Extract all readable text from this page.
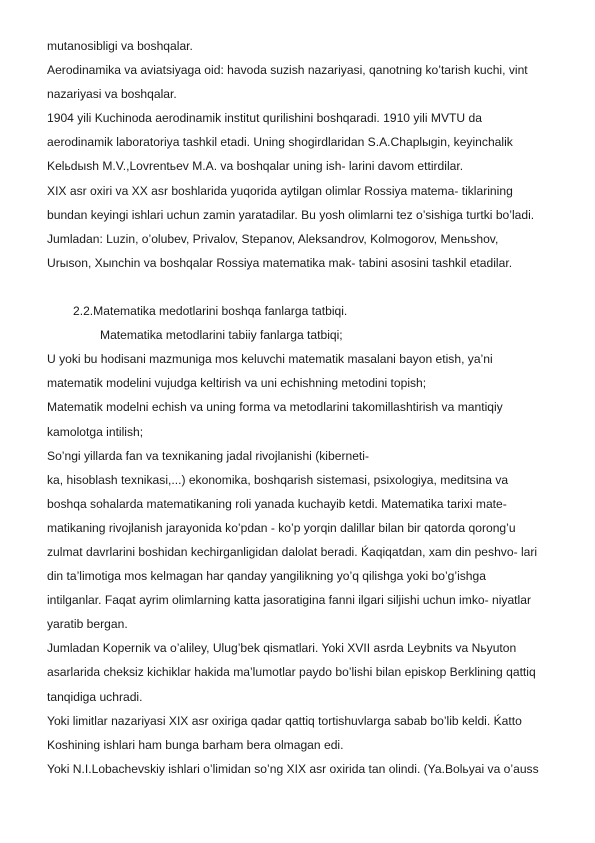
mutanosibligi va boshqalar.
Aerodinamika va aviatsiyaga oid: havoda suzish nazariyasi, qanotning ko’tarish kuchi, vint
nazariyasi va boshqalar.
1904 yili Kuchinoda aerodinamik institut qurilishini boshqaradi. 1910 yili MVTU da
aerodinamik laboratoriya tashkil etadi. Uning shogirdlaridan S.A.Chaplыgin, keyinchalik
Kelьdыsh M.V.,Lovrentьev M.A. va boshqalar uning ish- larini davom ettirdilar.
XIX asr oxiri va XX asr boshlarida yuqorida aytilgan olimlar Rossiya matema- tiklarining
bundan keyingi ishlari uchun zamin yaratadilar. Bu yosh olimlarni tez o’sishiga turtki bo’ladi.
Jumladan: Luzin, o’olubev, Privalov, Stepanov, Aleksandrov, Kolmogorov, Menьshov,
Urыson, Xыnchin va boshqalar Rossiya matematika mak- tabini asosini tashkil etadilar.
2.2.Matematika medotlarini boshqa fanlarga tatbiqi.
Matematika metodlarini tabiiy fanlarga tatbiqi;
U yoki bu hodisani mazmuniga mos keluvchi matematik masalani bayon etish, ya’ni
matematik modelini vujudga keltirish va uni echishning metodini topish;
Matematik modelni echish va uning forma va metodlarini takomillashtirish va mantiqiy
kamolotga intilish;
So’ngi yillarda fan va texnikaning jadal rivojlanishi (kiberneti-
ka, hisoblash texnikasi,...) ekonomika, boshqarish sistemasi, psixologiya, meditsina va
boshqa sohalarda matematikaning roli yanada kuchayib ketdi. Matematika tarixi mate-
matikaning rivojlanish jarayonida ko’pdan - ko’p yorqin dalillar bilan bir qatorda qorong’u
zulmat davrlarini boshidan kechirganligidan dalolat beradi. Ḱaqiqatdan, xam din peshvo- lari
din ta’limotiga mos kelmagan har qanday yangilikning yo’q qilishga yoki bo’g’ishga
intilganlar. Faqat ayrim olimlarning katta jasoratigina fanni ilgari siljishi uchun imko- niyatlar
yaratib bergan.
Jumladan Kopernik va o’aliley, Ulug’bek qismatlari. Yoki XVII asrda Leybnits va Nьyuton
asarlarida cheksiz kichiklar hakida ma’lumotlar paydo bo’lishi bilan episkop Berklining qattiq
tanqidiga uchradi.
Yoki limitlar nazariyasi XIX asr oxiriga qadar qattiq tortishuvlarga sabab bo’lib keldi. Ḱatto
Koshining ishlari ham bunga barham bera olmagan edi.
Yoki N.I.Lobachevskiy ishlari o’limidan so’ng XIX asr oxirida tan olindi. (Ya.Bolьyai va o’auss
